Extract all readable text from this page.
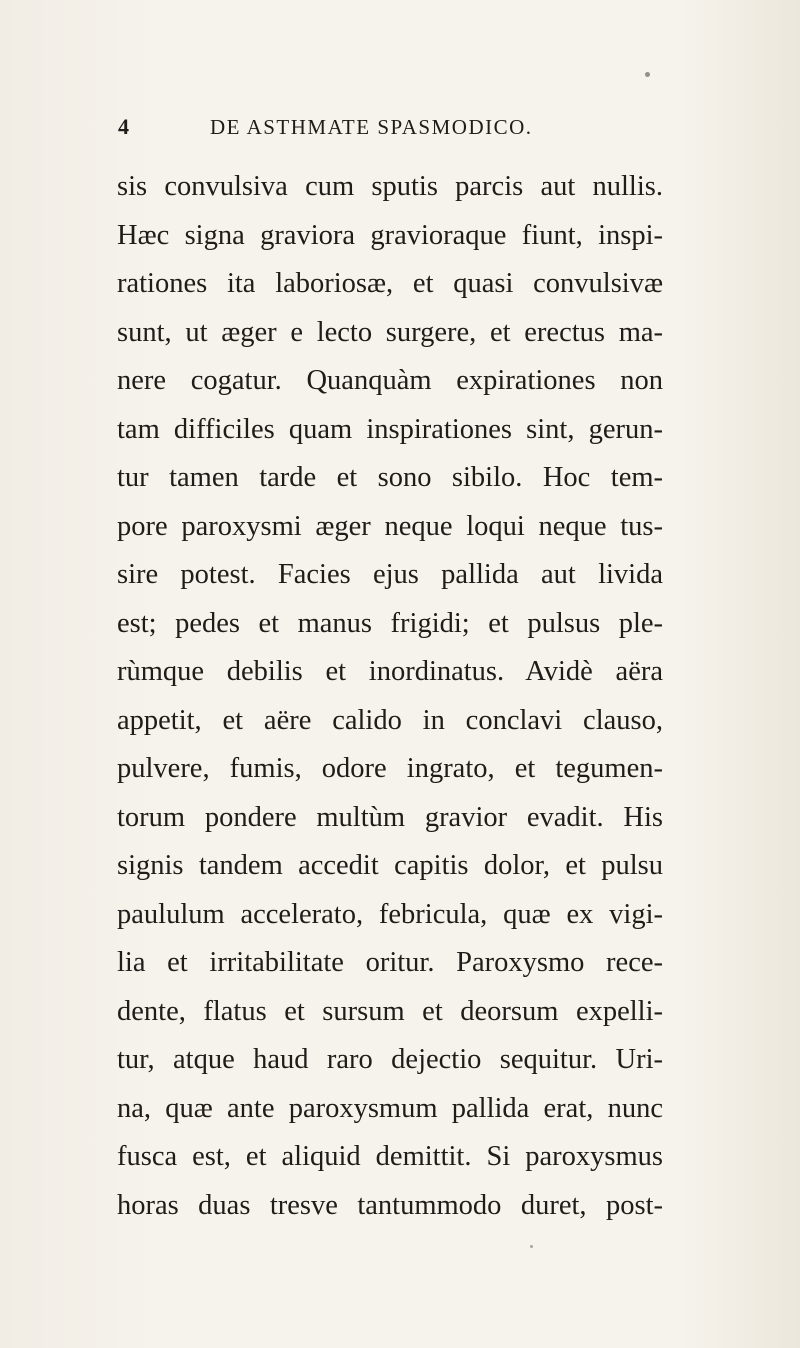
4	DE ASTHMATE SPASMODICO.
sis convulsiva cum sputis parcis aut nullis.
Hæc signa graviora gravioraque fiunt, inspi-
rationes ita laboriosæ, et quasi convulsivæ
sunt, ut æger e lecto surgere, et erectus ma-
nere cogatur. Quanquàm expirationes non
tam difficiles quam inspirationes sint, gerun-
tur tamen tarde et sono sibilo. Hoc tem-
pore paroxysmi æger neque loqui neque tus-
sire potest. Facies ejus pallida aut livida
est; pedes et manus frigidi; et pulsus ple-
rùmque debilis et inordinatus. Avidè aëra
appetit, et aëre calido in conclavi clauso,
pulvere, fumis, odore ingrato, et tegumen-
torum pondere multùm gravior evadit. His
signis tandem accedit capitis dolor, et pulsu
paululum accelerato, febricula, quæ ex vigi-
lia et irritabilitate oritur. Paroxysmo rece-
dente, flatus et sursum et deorsum expelli-
tur, atque haud raro dejectio sequitur. Uri-
na, quæ ante paroxysmum pallida erat, nunc
fusca est, et aliquid demittit. Si paroxysmus
horas duas tresve tantummodo duret, post-
